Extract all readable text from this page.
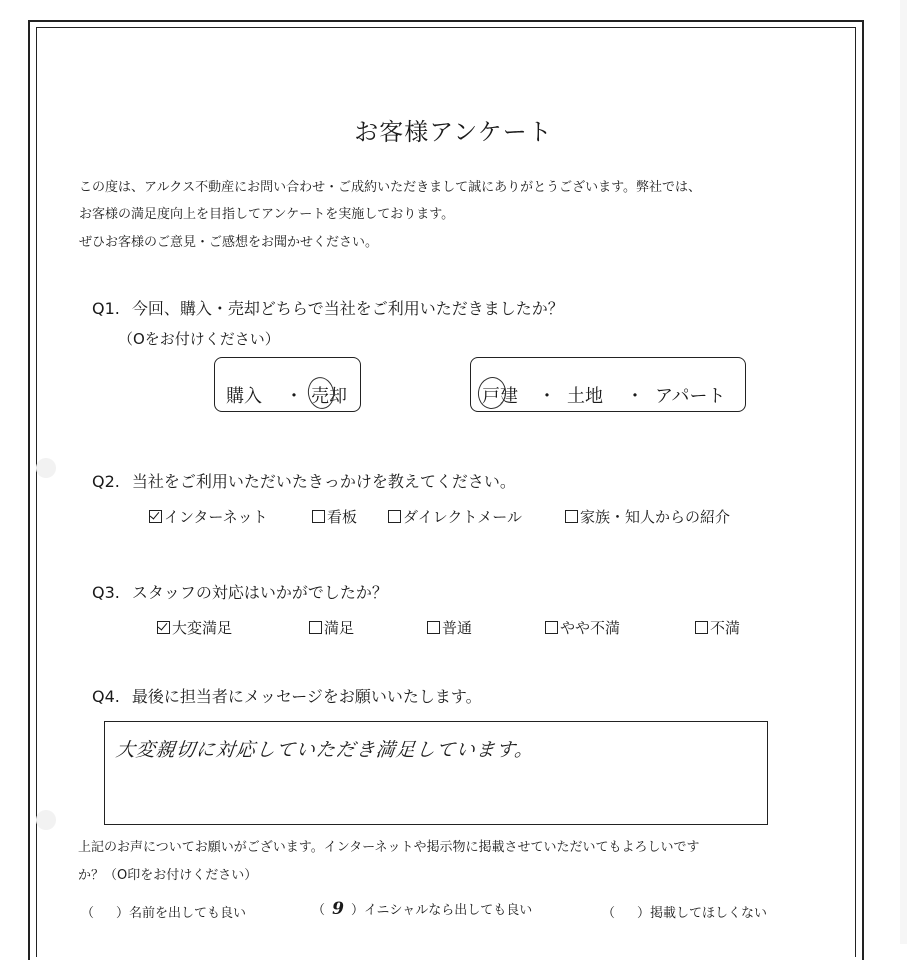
お客様アンケート
この度は、アルクス不動産にお問い合わせ・ご成約いただきまして誠にありがとうございます。弊社では、
お客様の満足度向上を目指してアンケートを実施しております。
ぜひお客様のご意見・ご感想をお聞かせください。
Q1. 今回、購入・売却どちらで当社をご利用いただきましたか？
（Oをお付けください）
購入 ・ 売却	戸建 ・ 土地 ・ アパート
Q2. 当社をご利用いただいたきっかけを教えてください。
インターネット	看板	ダイレクトメール	家族・知人からの紹介
Q3. スタッフの対応はいかがでしたか？
大変満足	満足	普通	やや不満	不満
Q4. 最後に担当者にメッセージをお願いいたします。
大変親切に対応していただき満足しています。
上記のお声についてお願いがございます。インターネットや掲示物に掲載させていただいてもよろしいです
か？（O印をお付けください）
（ ）名前を出しても良い	（ 9 ）イニシャルなら出しても良い	（ ）掲載してほしくない
